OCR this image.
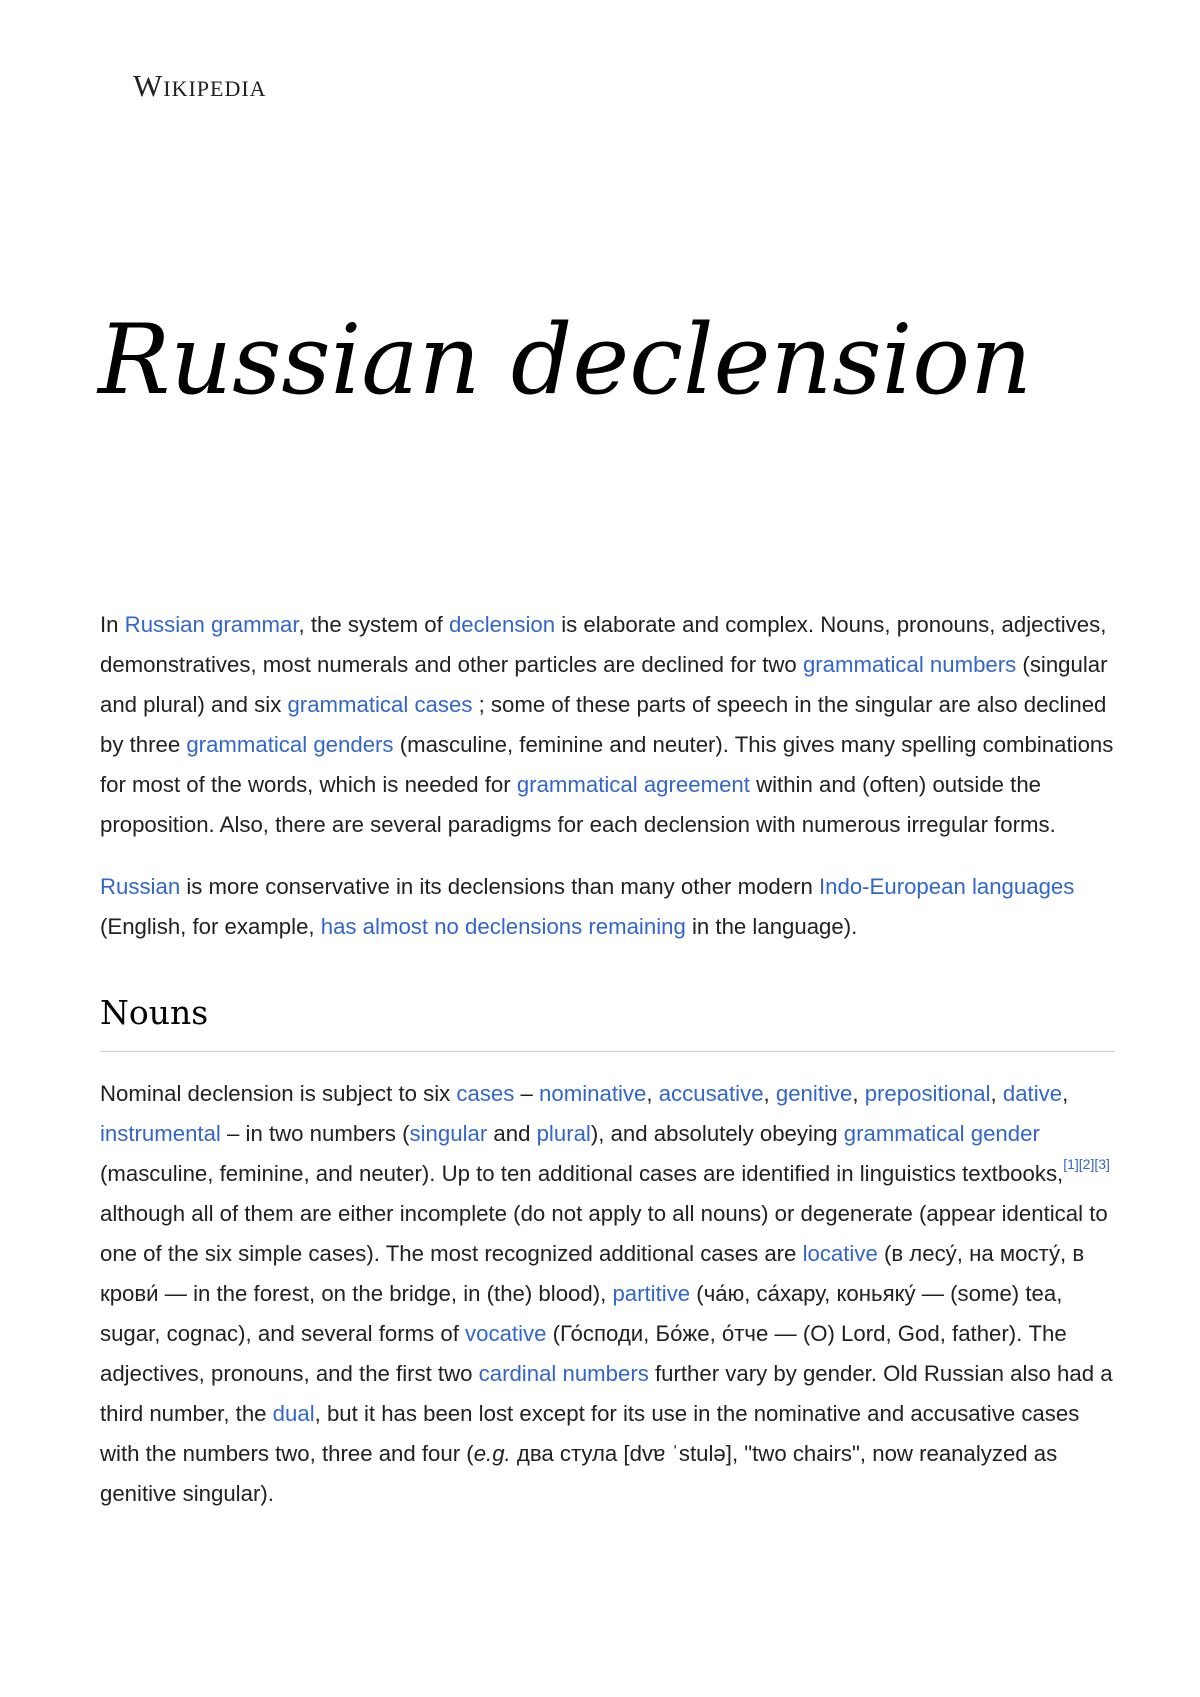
Wikipedia
Russian declension

In Russian grammar, the system of declension is elaborate and complex. Nouns, pronouns, adjectives, demonstratives, most numerals and other particles are declined for two grammatical numbers (singular and plural) and six grammatical cases ; some of these parts of speech in the singular are also declined by three grammatical genders (masculine, feminine and neuter). This gives many spelling combinations for most of the words, which is needed for grammatical agreement within and (often) outside the proposition. Also, there are several paradigms for each declension with numerous irregular forms.

Russian is more conservative in its declensions than many other modern Indo-European languages (English, for example, has almost no declensions remaining in the language).

Nouns

Nominal declension is subject to six cases – nominative, accusative, genitive, prepositional, dative, instrumental – in two numbers (singular and plural), and absolutely obeying grammatical gender (masculine, feminine, and neuter). Up to ten additional cases are identified in linguistics textbooks,[1][2][3] although all of them are either incomplete (do not apply to all nouns) or degenerate (appear identical to one of the six simple cases). The most recognized additional cases are locative (в лесу́, на мосту́, в крови́ — in the forest, on the bridge, in (the) blood), partitive (ча́ю, са́хару, коньяку́ — (some) tea, sugar, cognac), and several forms of vocative (Го́споди, Бо́же, о́тче — (O) Lord, God, father). The adjectives, pronouns, and the first two cardinal numbers further vary by gender. Old Russian also had a third number, the dual, but it has been lost except for its use in the nominative and accusative cases with the numbers two, three and four (e.g. два стула [dvɐ ˈstulə], "two chairs", now reanalyzed as genitive singular).
